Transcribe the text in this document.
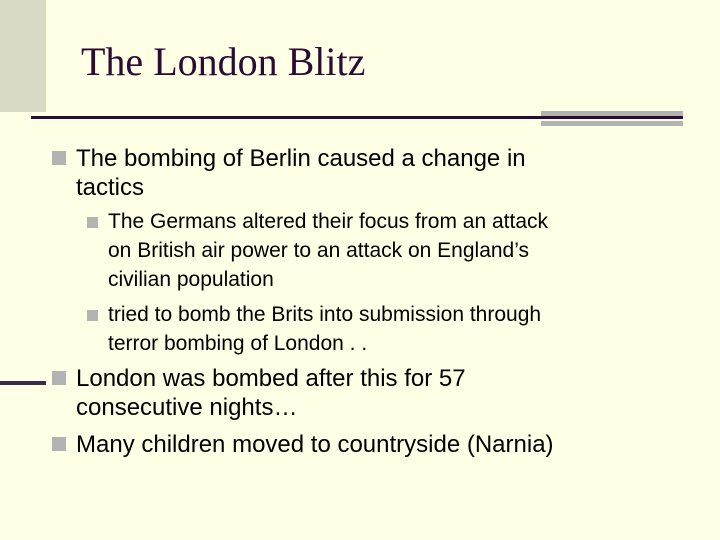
The London Blitz
The bombing of Berlin caused a change in
tactics
The Germans altered their focus from an attack
on British air power to an attack on England’s
civilian population
tried to bomb the Brits into submission through
terror bombing of London . .
London was bombed after this for 57
consecutive nights…
Many children moved to countryside (Narnia)
